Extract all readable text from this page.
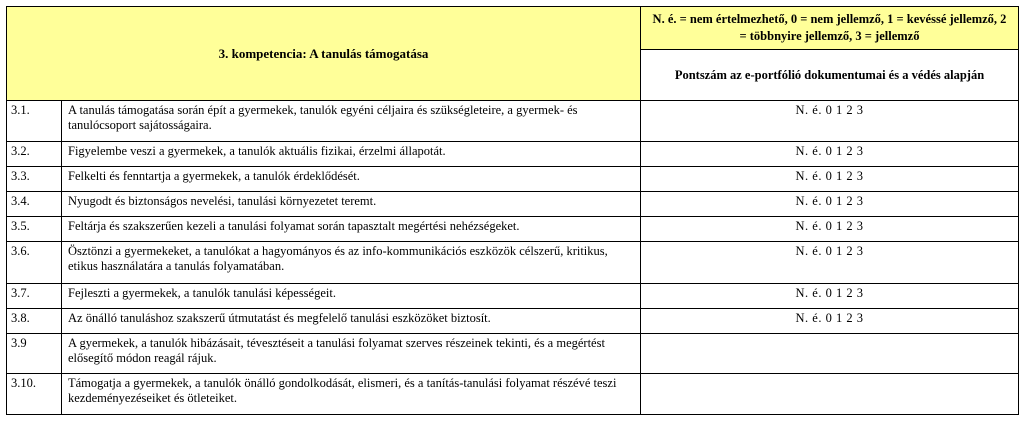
3. kompetencia: A tanulás támogatása		N. é. = nem értelmezhető, 0 = nem jellemző, 1 = kevéssé jellemző, 2 = többnyire jellemző, 3 = jellemző
		Pontszám az e-portfólió dokumentumai és a védés alapján
3.1.	A tanulás támogatása során épít a gyermekek, tanulók egyéni céljaira és szükségleteire, a gyermek- és tanulócsoport sajátosságaira.	N. é. 0 1 2 3
3.2.	Figyelembe veszi a gyermekek, a tanulók aktuális fizikai, érzelmi állapotát.	N. é. 0 1 2 3
3.3.	Felkelti és fenntartja a gyermekek, a tanulók érdeklődését.	N. é. 0 1 2 3
3.4.	Nyugodt és biztonságos nevelési, tanulási környezetet teremt.	N. é. 0 1 2 3
3.5.	Feltárja és szakszerűen kezeli a tanulási folyamat során tapasztalt megértési nehézségeket.	N. é. 0 1 2 3
3.6.	Ösztönzi a gyermekeket, a tanulókat a hagyományos és az info-kommunikációs eszközök célszerű, kritikus, etikus használatára a tanulás folyamatában.	N. é. 0 1 2 3
3.7.	Fejleszti a gyermekek, a tanulók tanulási képességeit.	N. é. 0 1 2 3
3.8.	Az önálló tanuláshoz szakszerű útmutatást és megfelelő tanulási eszközöket biztosít.	N. é. 0 1 2 3
3.9	A gyermekek, a tanulók hibázásait, tévesztéseit a tanulási folyamat szerves részeinek tekinti, és a megértést elősegítő módon reagál rájuk.	
3.10.	Támogatja a gyermekek, a tanulók önálló gondolkodását, elismeri, és a tanítás-tanulási folyamat részévé teszi kezdeményezéseiket és ötleteiket.	
